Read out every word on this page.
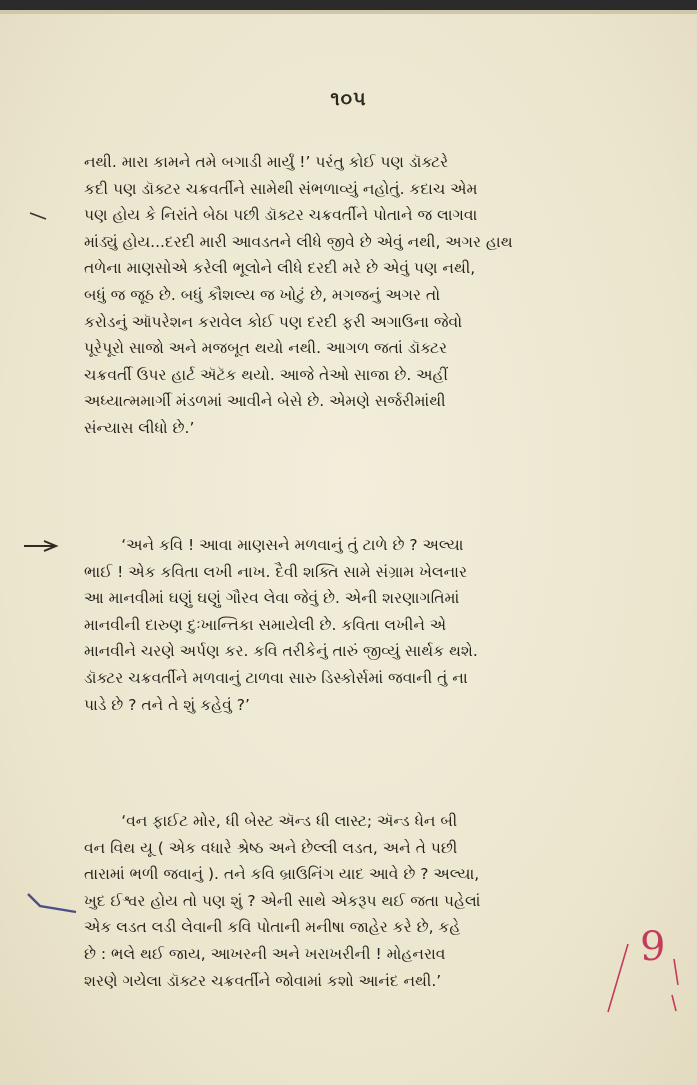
૧૦૫
નથી. મારા કામને તમે બગાડી માર્યું !’ પરંતુ કોઈ પણ ડૉક્ટરે
કદી પણ ડૉક્ટર ચક્રવર્તીને સામેથી સંભળાવ્યું નહોતું. કદાચ એમ
પણ હોય કે નિરાંતે બેઠા પછી ડૉક્ટર ચક્રવર્તીને પોતાને જ લાગવા
માંડ્યું હોય...દરદી મારી આવડતને લીધે જીવે છે એવું નથી, અગર હાથ
તળેના માણસોએ કરેલી ભૂલોને લીધે દરદી મરે છે એવું પણ નથી,
બધું જ જૂઠ છે. બધું કૌશલ્ય જ ખોટું છે, મગજનું અગર તો
કરોડનું ઑપરેશન કરાવેલ કોઈ પણ દરદી ફરી અગાઉના જેવો
પૂરેપૂરો સાજો અને મજબૂત થયો નથી. આગળ જતાં ડૉક્ટર
ચક્રવર્તી ઉપર હાર્ટ ઍટૅક થયો. આજે તેઓ સાજા છે. અહીં
અધ્યાત્મમાર્ગી મંડળમાં આવીને બેસે છે. એમણે સર્જરીમાંથી
સંન્યાસ લીધો છે.’
‘અને કવિ ! આવા માણસને મળવાનું તું ટાળે છે ? અલ્યા
ભાઈ ! એક કવિતા લખી નાખ. દૈવી શક્તિ સામે સંગ્રામ ખેલનાર
આ માનવીમાં ઘણું ઘણું ગૌરવ લેવા જેવું છે. એની શરણાગતિમાં
માનવીની દારુણ દુઃખાન્તિકા સમાયેલી છે. કવિતા લખીને એ
માનવીને ચરણે અર્પણ કર. કવિ તરીકેનું તારું જીવ્યું સાર્થક થશે.
ડૉક્ટર ચક્રવર્તીને મળવાનું ટાળવા સારુ ડિસ્કોર્સમાં જવાની તું ના
પાડે છે ? તને તે શું કહેવું ?’
‘વન ફાઈટ મોર, ધી બેસ્ટ ઍન્ડ ધી લાસ્ટ; ઍન્ડ ધેન બી
વન વિથ યૂ ( એક વધારે શ્રેષ્ઠ અને છેલ્લી લડત, અને તે પછી
તારામાં ભળી જવાનું ). તને કવિ બ્રાઉનિંગ યાદ આવે છે ? અલ્યા,
ખુદ ઈશ્વર હોય તો પણ શું ? એની સાથે એકરૂપ થઈ જતા પહેલાં
એક લડત લડી લેવાની કવિ પોતાની મનીષા જાહેર કરે છે, કહે
છે : ભલે થઈ જાય, આખરની અને ખરાખરીની ! મોહનરાવ
શરણે ગયેલા ડૉક્ટર ચક્રવર્તીને જોવામાં કશો આનંદ નથી.’
9
